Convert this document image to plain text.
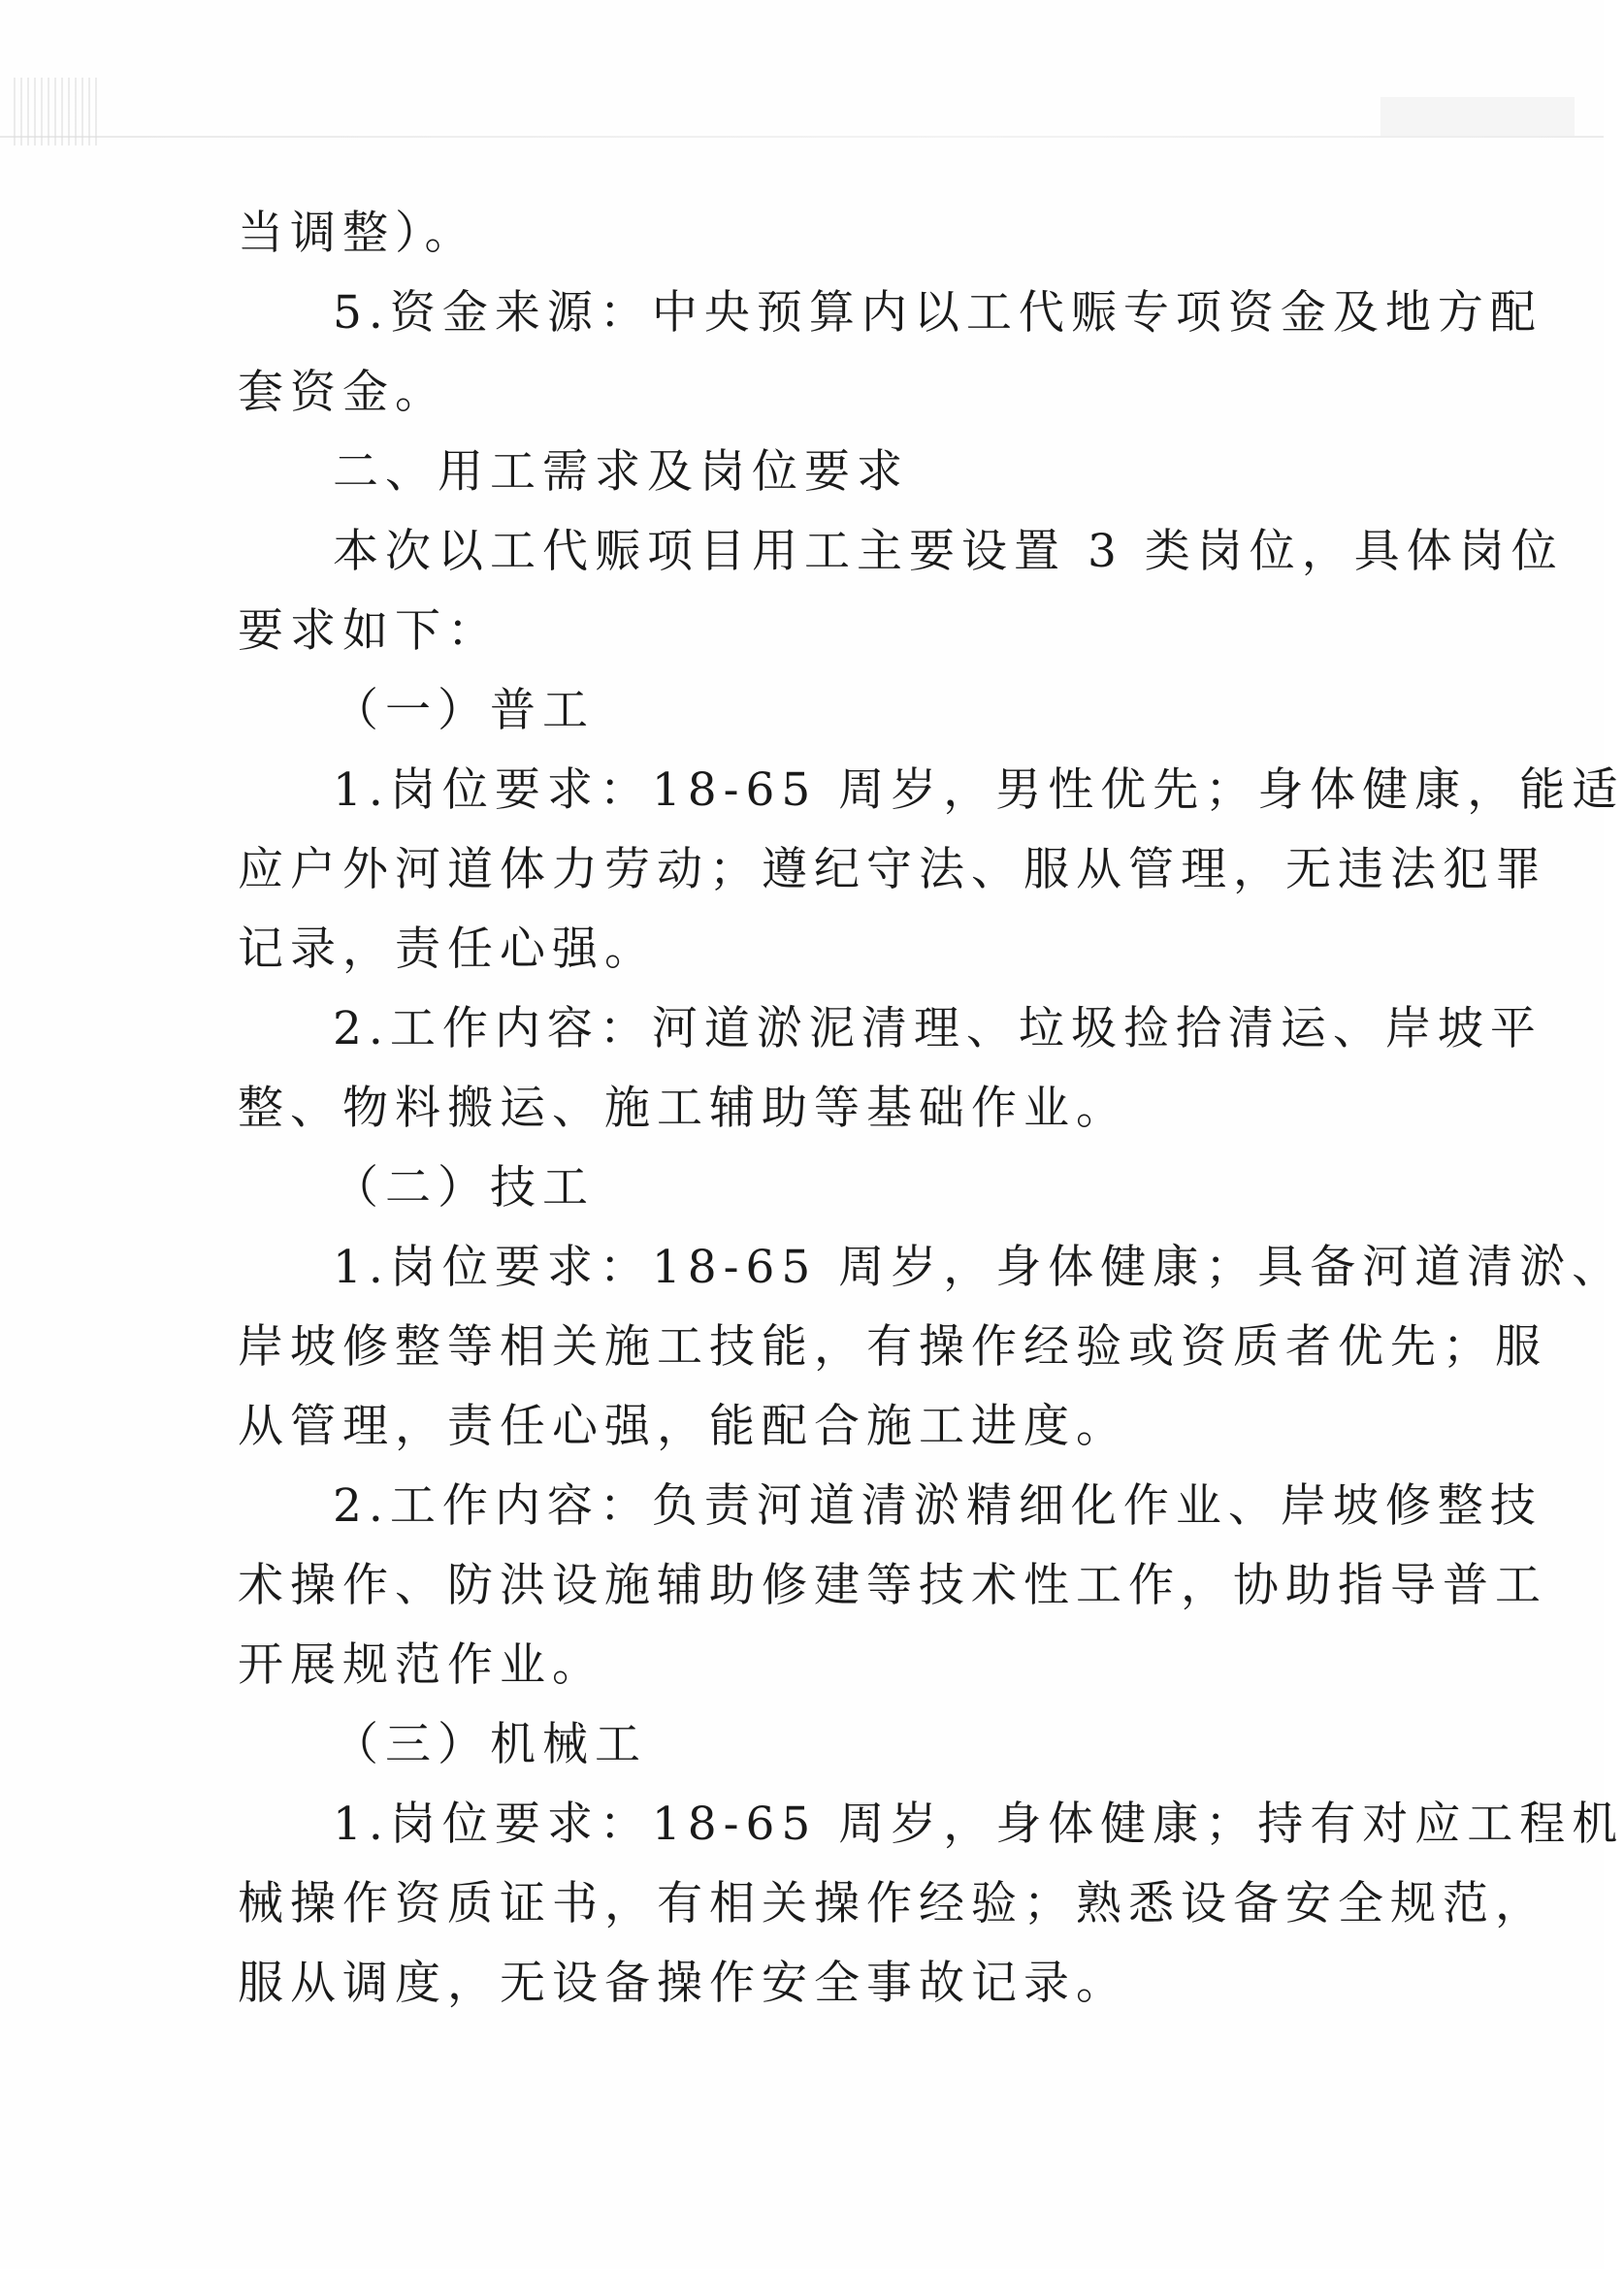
当调整）。
5.资金来源：中央预算内以工代赈专项资金及地方配
套资金。
二、用工需求及岗位要求
本次以工代赈项目用工主要设置 3 类岗位，具体岗位
要求如下：
（一）普工
1.岗位要求：18-65 周岁，男性优先；身体健康，能适
应户外河道体力劳动；遵纪守法、服从管理，无违法犯罪
记录，责任心强。
2.工作内容：河道淤泥清理、垃圾捡拾清运、岸坡平
整、物料搬运、施工辅助等基础作业。
（二）技工
1.岗位要求：18-65 周岁，身体健康；具备河道清淤、
岸坡修整等相关施工技能，有操作经验或资质者优先；服
从管理，责任心强，能配合施工进度。
2.工作内容：负责河道清淤精细化作业、岸坡修整技
术操作、防洪设施辅助修建等技术性工作，协助指导普工
开展规范作业。
（三）机械工
1.岗位要求：18-65 周岁，身体健康；持有对应工程机
械操作资质证书，有相关操作经验；熟悉设备安全规范，
服从调度，无设备操作安全事故记录。
